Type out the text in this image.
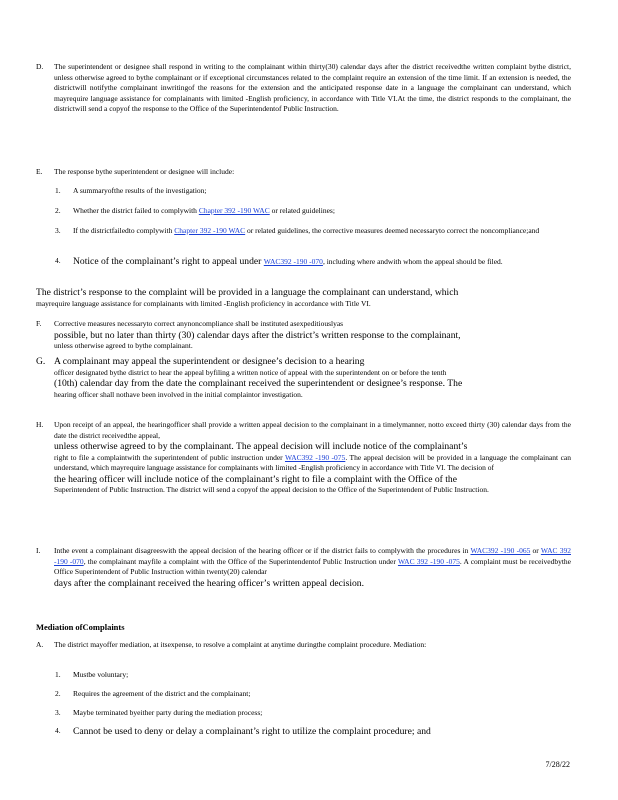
D.	The superintendent or designee shall respond in writing to the complainant within thirty(30) calendar days after the district receivedthe written complaint bythe district, unless otherwise agreed to bythe complainant or if exceptional circumstances related to the complaint require an extension of the time limit. If an extension is needed, the districtwill notifythe complainant inwritingof the reasons for the extension and the anticipated response date in a language the complainant can understand, which mayrequire language assistance for complainants with limited -English proficiency, in accordance with Title VI.At the time, the district responds to the complainant, the districtwill send a copyof the response to the Office of the Superintendentof Public Instruction.
E.	The response bythe superintendent or designee will include:
1.	A summaryofthe results of the investigation;
2.	Whether the district failed to complywith Chapter 392 -190 WAC or related guidelines;
3.	If the districtfailedto complywith Chapter 392 -190 WAC or related guidelines, the corrective measures deemed necessaryto correct the noncompliance;and
4.	Notice of the complainant’s right to appeal under WAC392 -190 -070, including where andwith whom the appeal should be filed.
The district’s response to the complaint will be provided in a language the complainant can understand, which
mayrequire language assistance for complainants with limited -English proficiency in accordance with Title VI.
F.	Corrective measures necessaryto correct anynoncompliance shall be instituted asexpeditiouslyas
possible, but no later than thirty (30) calendar days after the district’s written response to the complainant,
unless otherwise agreed to bythe complainant.
G. A complainant may appeal the superintendent or designee’s decision to a hearing
officer designated bythe district to hear the appeal byfiling a written notice of appeal with the superintendent on or before the tenth
(10th) calendar day from the date the complainant received the superintendent or designee’s response. The
hearing officer shall nothave been involved in the initial complaintor investigation.
H.	Upon receipt of an appeal, the hearingofficer shall provide a written appeal decision to the complainant in a timelymanner, notto exceed thirty (30) calendar days from the date the district receivedthe appeal,
unless otherwise agreed to by the complainant. The appeal decision will include notice of the complainant’s
right to file a complaintwith the superintendent of public instruction under WAC392 -190 -075. The appeal decision will be provided in a language the complainant can understand, which mayrequire language assistance for complainants with limited -English proficiency in accordance with Title VI. The decision of
the hearing officer will include notice of the complainant’s right to file a complaint with the Office of the
Superintendent of Public Instruction. The district will send a copyof the appeal decision to the Office of the Superintendent of Public Instruction.
I.	Inthe event a complainant disagreeswith the appeal decision of the hearing officer or if the district fails to complywith the procedures in WAC392 -190 -065 or WAC 392 -190 -070, the complainant mayfile a complaint with the Office of the Superintendentof Public Instruction under WAC 392 -190 -075. A complaint must be receivedbythe Office Superintendent of Public Instruction within twenty(20) calendar
days after the complainant received the hearing officer’s written appeal decision.
Mediation ofComplaints
A.	The district mayoffer mediation, at itsexpense, to resolve a complaint at anytime duringthe complaint procedure. Mediation:
1.	Mustbe voluntary;
2.	Requires the agreement of the district and the complainant;
3.	Maybe terminated byeither party during the mediation process;
4.	Cannot be used to deny or delay a complainant’s right to utilize the complaint procedure; and
7/28/22
